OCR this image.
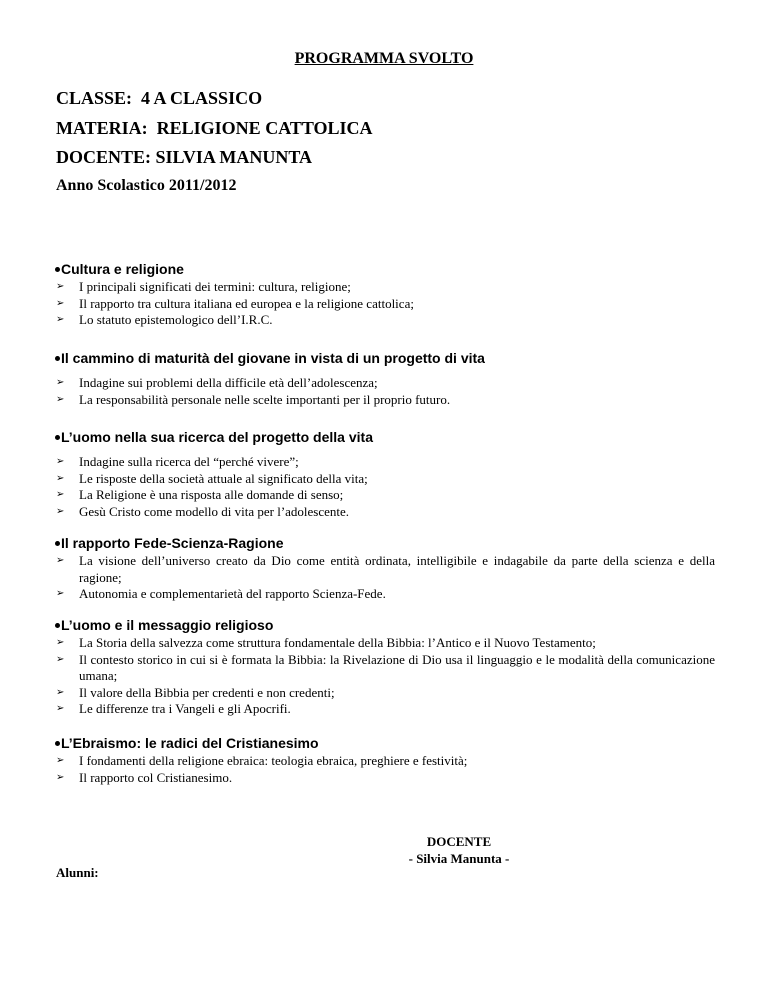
PROGRAMMA SVOLTO
CLASSE:  4 A CLASSICO
MATERIA:  RELIGIONE CATTOLICA
DOCENTE: SILVIA MANUNTA
Anno Scolastico 2011/2012
Cultura e religione
➢ I principali significati dei termini: cultura, religione;
➢ Il rapporto tra cultura italiana ed europea e la religione cattolica;
➢ Lo statuto epistemologico dell’I.R.C.
Il cammino di maturità del giovane in vista di un progetto di vita
➢ Indagine sui problemi della difficile età dell’adolescenza;
➢ La responsabilità personale nelle scelte importanti per il proprio futuro.
L’uomo nella sua ricerca del progetto della vita
➢ Indagine sulla ricerca del “perché vivere”;
➢ Le risposte della società attuale al significato della vita;
➢ La Religione è una risposta alle domande di senso;
➢ Gesù Cristo come modello di vita per l’adolescente.
Il rapporto Fede-Scienza-Ragione
➢ La visione dell’universo creato da Dio come entità ordinata, intelligibile e indagabile da parte della scienza e della ragione;
➢ Autonomia e complementarietà del rapporto Scienza-Fede.
L’uomo e il messaggio religioso
➢ La Storia della salvezza come struttura fondamentale della Bibbia: l’Antico e il Nuovo Testamento;
➢ Il contesto storico in cui si è formata la Bibbia: la Rivelazione di Dio usa il linguaggio e le modalità della comunicazione umana;
➢ Il valore della Bibbia per credenti e non credenti;
➢ Le differenze tra i Vangeli e gli Apocrifi.
L’Ebraismo: le radici del Cristianesimo
➢ I fondamenti della religione ebraica: teologia ebraica, preghiere e festività;
➢ Il rapporto col Cristianesimo.
DOCENTE
- Silvia Manunta -
Alunni:
